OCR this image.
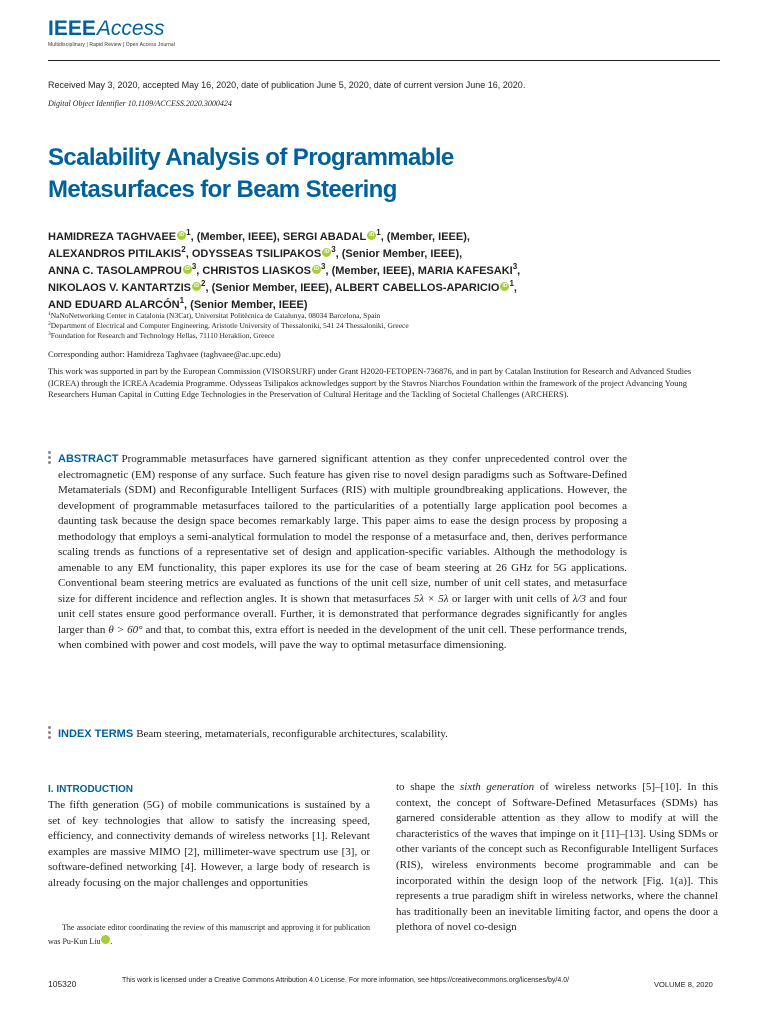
IEEEAccess
Multidisciplinary | Rapid Review | Open Access Journal
Received May 3, 2020, accepted May 16, 2020, date of publication June 5, 2020, date of current version June 16, 2020.
Digital Object Identifier 10.1109/ACCESS.2020.3000424
Scalability Analysis of Programmable Metasurfaces for Beam Steering
HAMIDREZA TAGHVAEE iD $^1$, (Member, IEEE), SERGI ABADAL iD $^1$, (Member, IEEE),
ALEXANDROS PITILAKIS$^2$, ODYSSEAS TSILIPAKOS iD $^3$, (Senior Member, IEEE),
ANNA C. TASOLAMPROU iD $^3$, CHRISTOS LIASKOS iD $^3$, (Member, IEEE), MARIA KAFESAKI$^3$,
NIKOLAOS V. KANTARTZIS iD $^2$, (Senior Member, IEEE), ALBERT CABELLOS-APARICIO iD $^1$,
AND EDUARD ALARCÓN$^1$, (Senior Member, IEEE)
$^1$NaNoNetworking Center in Catalonia (N3Cat), Universitat Politècnica de Catalunya, 08034 Barcelona, Spain
$^2$Department of Electrical and Computer Engineering, Aristotle University of Thessaloniki, 541 24 Thessaloniki, Greece
$^3$Foundation for Research and Technology Hellas, 71110 Heraklion, Greece
Corresponding author: Hamidreza Taghvaee (taghvaee@ac.upc.edu)
This work was supported in part by the European Commission (VISORSURF) under Grant H2020-FETOPEN-736876, and in part by Catalan Institution for Research and Advanced Studies (ICREA) through the ICREA Academia Programme. Odysseas Tsilipakos acknowledges support by the Stavros Niarchos Foundation within the framework of the project Advancing Young Researchers Human Capital in Cutting Edge Technologies in the Preservation of Cultural Heritage and the Tackling of Societal Challenges (ARCHERS).

ABSTRACT Programmable metasurfaces have garnered significant attention as they confer unprecedented control over the electromagnetic (EM) response of any surface. Such feature has given rise to novel design paradigms such as Software-Defined Metamaterials (SDM) and Reconfigurable Intelligent Surfaces (RIS) with multiple groundbreaking applications. However, the development of programmable metasurfaces tailored to the particularities of a potentially large application pool becomes a daunting task because the design space becomes remarkably large. This paper aims to ease the design process by proposing a methodology that employs a semi-analytical formulation to model the response of a metasurface and, then, derives performance scaling trends as functions of a representative set of design and application-specific variables. Although the methodology is amenable to any EM functionality, this paper explores its use for the case of beam steering at 26 GHz for 5G applications. Conventional beam steering metrics are evaluated as functions of the unit cell size, number of unit cell states, and metasurface size for different incidence and reflection angles. It is shown that metasurfaces 5λ × 5λ or larger with unit cells of λ/3 and four unit cell states ensure good performance overall. Further, it is demonstrated that performance degrades significantly for angles larger than θ > 60° and that, to combat this, extra effort is needed in the development of the unit cell. These performance trends, when combined with power and cost models, will pave the way to optimal metasurface dimensioning.

INDEX TERMS Beam steering, metamaterials, reconfigurable architectures, scalability.

I. INTRODUCTION

The fifth generation (5G) of mobile communications is sustained by a set of key technologies that allow to satisfy the increasing speed, efficiency, and connectivity demands of wireless networks [1]. Relevant examples are massive MIMO [2], millimeter-wave spectrum use [3], or software-defined networking [4]. However, a large body of research is already focusing on the major challenges and opportunities

to shape the sixth generation of wireless networks [5]–[10]. In this context, the concept of Software-Defined Metasurfaces (SDMs) has garnered considerable attention as they allow to modify at will the characteristics of the waves that impinge on it [11]–[13]. Using SDMs or other variants of the concept such as Reconfigurable Intelligent Surfaces (RIS), wireless environments become programmable and can be incorporated within the design loop of the network [Fig. 1(a)]. This represents a true paradigm shift in wireless networks, where the channel has traditionally been an inevitable limiting factor, and opens the door a plethora of novel co-design

The associate editor coordinating the review of this manuscript and approving it for publication was Pu-Kun Liu	iD.

105320	This work is licensed under a Creative Commons Attribution 4.0 License. For more information, see https://creativecommons.org/licenses/by/4.0/	VOLUME 8, 2020
